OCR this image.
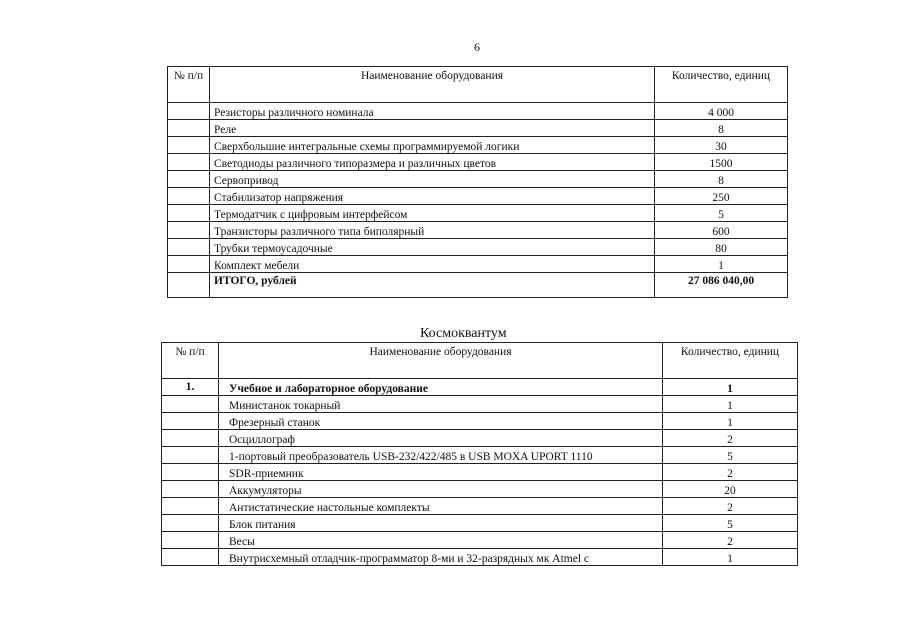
6
№ п/п	Наименование оборудования	Количество, единиц
	Резисторы различного номинала	4 000
	Реле	8
	Сверхбольшие интегральные схемы программируемой логики	30
	Светодиоды различного типоразмера и различных цветов	1500
	Сервопривод	8
	Стабилизатор напряжения	250
	Термодатчик с цифровым интерфейсом	5
	Транзисторы различного типа биполярный	600
	Трубки термоусадочные	80
	Комплект мебели	1
	ИТОГО, рублей	27 086 040,00
Космоквантум
№ п/п	Наименование оборудования	Количество, единиц
1.	Учебное и лабораторное оборудование	1
	Министанок токарный	1
	Фрезерный станок	1
	Осциллограф	2
	1-портовый преобразователь USB-232/422/485 в USB MOXA UPORT 1110	5
	SDR-приемник	2
	Аккумуляторы	20
	Антистатические настольные комплекты	2
	Блок питания	5
	Весы	2
	Внутрисхемный отладчик-программатор 8-ми и 32-разрядных мк Atmel с	1
